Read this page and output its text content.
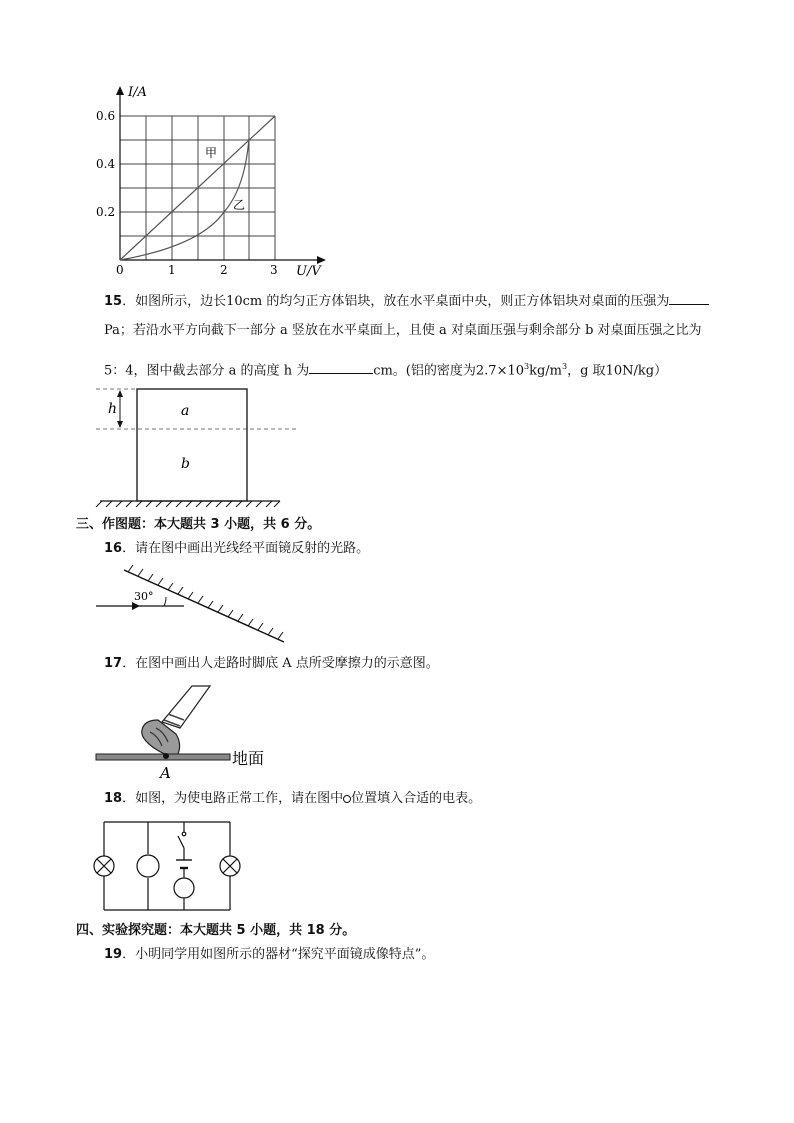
I/A
0.6
0.4
0.2
0	1	2	3 U/V
甲
乙
15．如图所示，边长10cm 的均匀正方体铝块，放在水平桌面中央，则正方体铝块对桌面的压强为
Pa；若沿水平方向截下一部分 a 竖放在水平桌面上，且使 a 对桌面压强与剩余部分 b 对桌面压强之比为
5：4，图中截去部分 a 的高度 h 为	cm。(铝的密度为$2.7\times 10^3kg/m^3$，g 取10N/kg）
h	a
b
三、作图题：本大题共 3 小题，共 6 分。
16．请在图中画出光线经平面镜反射的光路。
30°
17．在图中画出人走路时脚底 A 点所受摩擦力的示意图。
A
地面
18．如图，为使电路正常工作，请在图中 位置填入合适的电表。
四、实验探究题：本大题共 5 小题，共 18 分。
19．小明同学用如图所示的器材“探究平面镜成像特点”。
